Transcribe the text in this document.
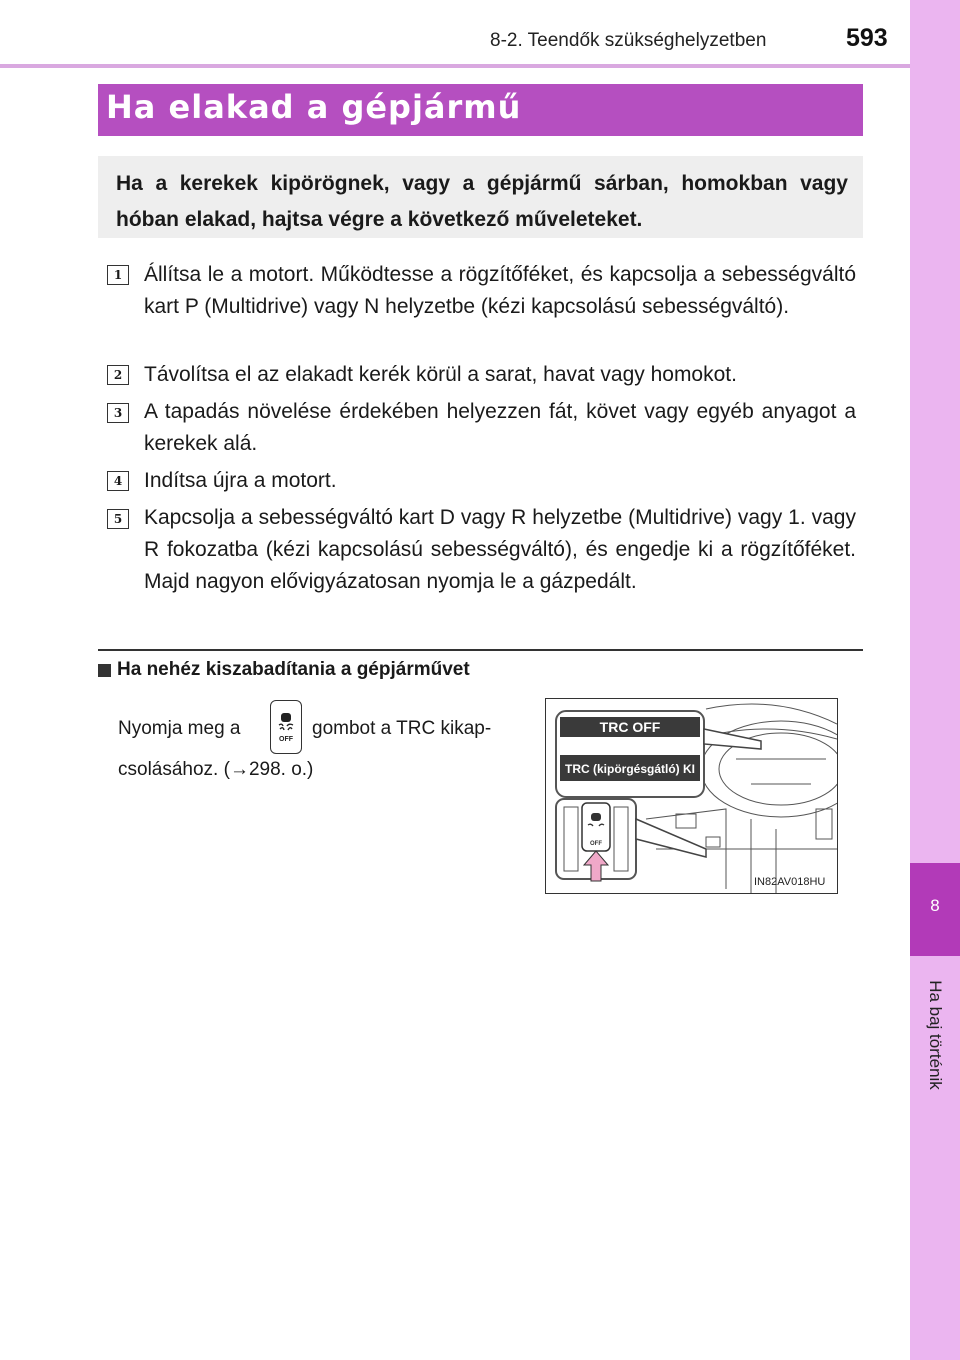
8-2. Teendők szükséghelyzetben	593
8
Ha baj történik
Ha elakad a gépjármű
Ha a kerekek kipörögnek, vagy a gépjármű sárban, homokban vagy hóban elakad, hajtsa végre a következő műveleteket.
1	Állítsa le a motort. Működtesse a rögzítőféket, és kapcsolja a sebességváltó kart P (Multidrive) vagy N helyzetbe (kézi kapcsolású sebességváltó).
2	Távolítsa el az elakadt kerék körül a sarat, havat vagy homokot.
3	A tapadás növelése érdekében helyezzen fát, követ vagy egyéb anyagot a kerekek alá.
4	Indítsa újra a motort.
5	Kapcsolja a sebességváltó kart D vagy R helyzetbe (Multidrive) vagy 1. vagy R fokozatba (kézi kapcsolású sebességváltó), és engedje ki a rögzítőféket. Majd nagyon elővigyázatosan nyomja le a gázpedált.
Ha nehéz kiszabadítania a gépjárművet
Nyomja meg a
OFF
gombot a TRC kikap-
csolásához. (→298. o.)
TRC OFF
TRC (kipörgésgátló) KI
OFF
IN82AV018HU
